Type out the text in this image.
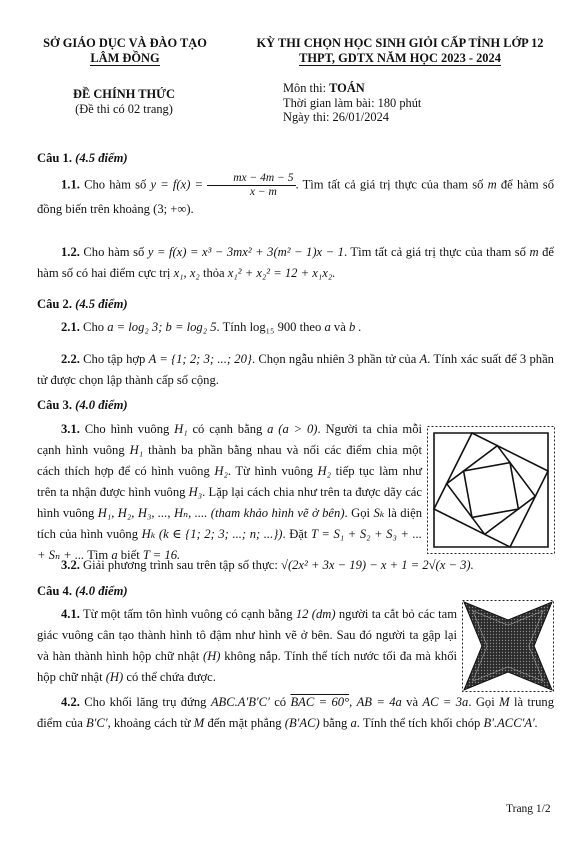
SỞ GIÁO DỤC VÀ ĐÀO TẠO
LÂM ĐỒNG
KỲ THI CHỌN HỌC SINH GIỎI CẤP TỈNH LỚP 12
THPT, GDTX NĂM HỌC 2023 - 2024
ĐỀ CHÍNH THỨC
(Đề thi có 02 trang)
Môn thi: TOÁN
Thời gian làm bài: 180 phút
Ngày thi: 26/01/2024
Câu 1. (4.5 điểm)

1.1. Cho hàm số $y = f(x) = \frac{mx - 4m - 5}{x - m}$ . Tìm tất cả giá trị thực của tham số m để hàm số đồng biến trên khoảng (3; +∞).

1.2. Cho hàm số y = f(x) = x³ − 3mx² + 3(m² − 1)x − 1. Tìm tất cả giá trị thực của tham số m để hàm số có hai điểm cực trị x₁, x₂ thỏa x₁² + x₂² = 12 + x₁x₂.

Câu 2. (4.5 điểm)

2.1. Cho a = log₂ 3; b = log₂ 5. Tính log₁₅ 900 theo a và b .

2.2. Cho tập hợp A = {1; 2; 3; ...; 20}. Chọn ngẫu nhiên 3 phần tử của A. Tính xác suất để 3 phần tử được chọn lập thành cấp số cộng.

Câu 3. (4.0 điểm)

3.1. Cho hình vuông H₁ có cạnh bằng a (a > 0). Người ta chia mỗi cạnh hình vuông H₁ thành ba phần bằng nhau và nối các điểm chia một cách thích hợp để có hình vuông H₂. Từ hình vuông H₂ tiếp tục làm như trên ta nhận được hình vuông H₃. Lặp lại cách chia như trên ta được dãy các hình vuông H₁, H₂, H₃, ..., Hₙ, .... (tham khảo hình vẽ ở bên). Gọi Sₖ là diện tích của hình vuông Hₖ (k ∈ {1; 2; 3; ...; n; ...}). Đặt T = S₁ + S₂ + S₃ + ... + Sₙ + ... Tìm a biết T = 16.

3.2. Giải phương trình sau trên tập số thực: √(2x² + 3x − 19) − x + 1 = 2√(x − 3).

Câu 4. (4.0 điểm)

4.1. Từ một tấm tôn hình vuông có cạnh bằng 12 (dm) người ta cắt bỏ các tam giác vuông cân tạo thành hình tô đậm như hình vẽ ở bên. Sau đó người ta gập lại và hàn thành hình hộp chữ nhật (H) không nắp. Tính thể tích nước tối đa mà khối hộp chữ nhật (H) có thể chứa được.

4.2. Cho khối lăng trụ đứng ABC.A′B′C′ có BAC = 60°, AB = 4a và AC = 3a. Gọi M là trung điểm của B′C′, khoảng cách từ M đến mặt phẳng (B′AC) bằng a. Tính thể tích khối chóp B′.ACC′A′.

Trang 1/2
